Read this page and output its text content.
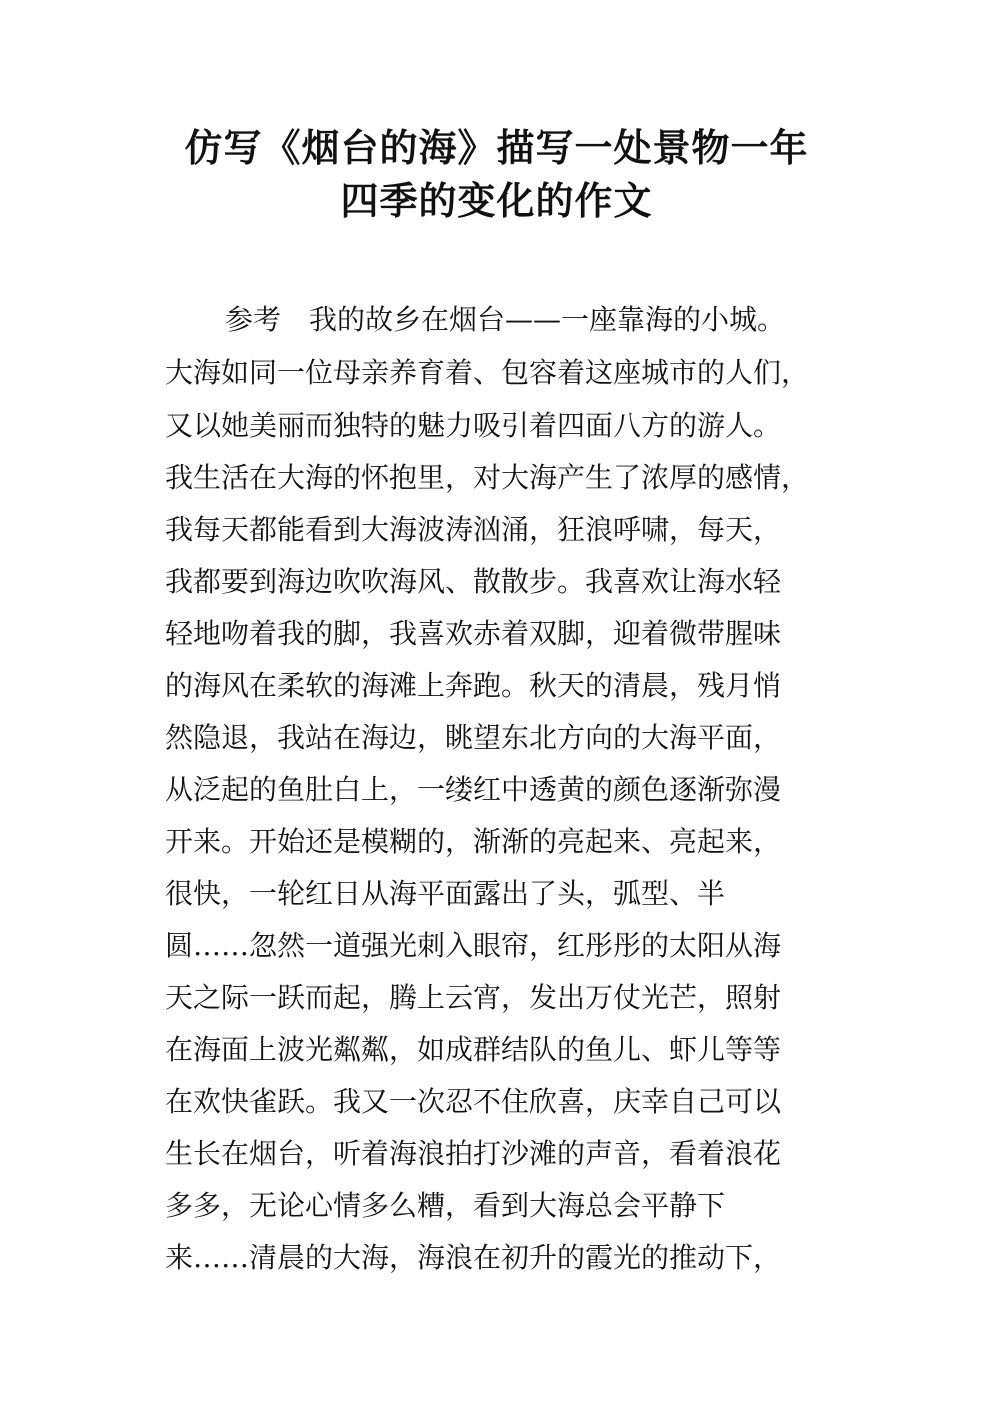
仿写《烟台的海》描写一处景物一年
四季的变化的作文
参考　我的故乡在烟台——一座靠海的小城。
大海如同一位母亲养育着、包容着这座城市的人们，
又以她美丽而独特的魅力吸引着四面八方的游人。
我生活在大海的怀抱里，对大海产生了浓厚的感情，
我每天都能看到大海波涛汹涌，狂浪呼啸，每天，
我都要到海边吹吹海风、散散步。我喜欢让海水轻
轻地吻着我的脚，我喜欢赤着双脚，迎着微带腥味
的海风在柔软的海滩上奔跑。秋天的清晨，残月悄
然隐退，我站在海边，眺望东北方向的大海平面，
从泛起的鱼肚白上，一缕红中透黄的颜色逐渐弥漫
开来。开始还是模糊的，渐渐的亮起来、亮起来，
很快，一轮红日从海平面露出了头，弧型、半
圆……忽然一道强光刺入眼帘，红彤彤的太阳从海
天之际一跃而起，腾上云宵，发出万仗光芒，照射
在海面上波光粼粼，如成群结队的鱼儿、虾儿等等
在欢快雀跃。我又一次忍不住欣喜，庆幸自己可以
生长在烟台，听着海浪拍打沙滩的声音，看着浪花
多多，无论心情多么糟，看到大海总会平静下
来……清晨的大海，海浪在初升的霞光的推动下，
